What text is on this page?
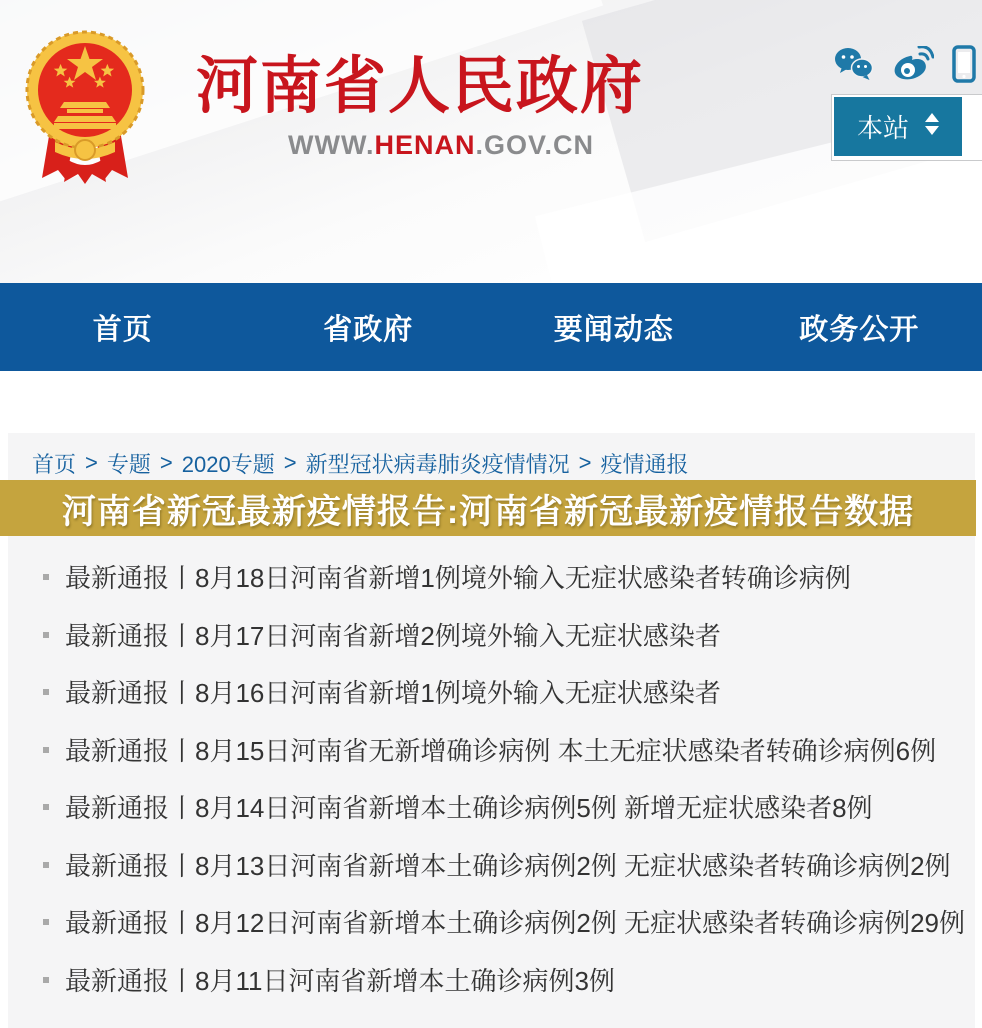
河南省人民政府
WWW.HENAN.GOV.CN
本站
首页	省政府	要闻动态	政务公开
首页 > 专题 > 2020专题 > 新型冠状病毒肺炎疫情情况 > 疫情通报
河南省新冠最新疫情报告:河南省新冠最新疫情报告数据
最新通报丨8月18日河南省新增1例境外输入无症状感染者转确诊病例
最新通报丨8月17日河南省新增2例境外输入无症状感染者
最新通报丨8月16日河南省新增1例境外输入无症状感染者
最新通报丨8月15日河南省无新增确诊病例 本土无症状感染者转确诊病例6例
最新通报丨8月14日河南省新增本土确诊病例5例 新增无症状感染者8例
最新通报丨8月13日河南省新增本土确诊病例2例 无症状感染者转确诊病例2例
最新通报丨8月12日河南省新增本土确诊病例2例 无症状感染者转确诊病例29例
最新通报丨8月11日河南省新增本土确诊病例3例
